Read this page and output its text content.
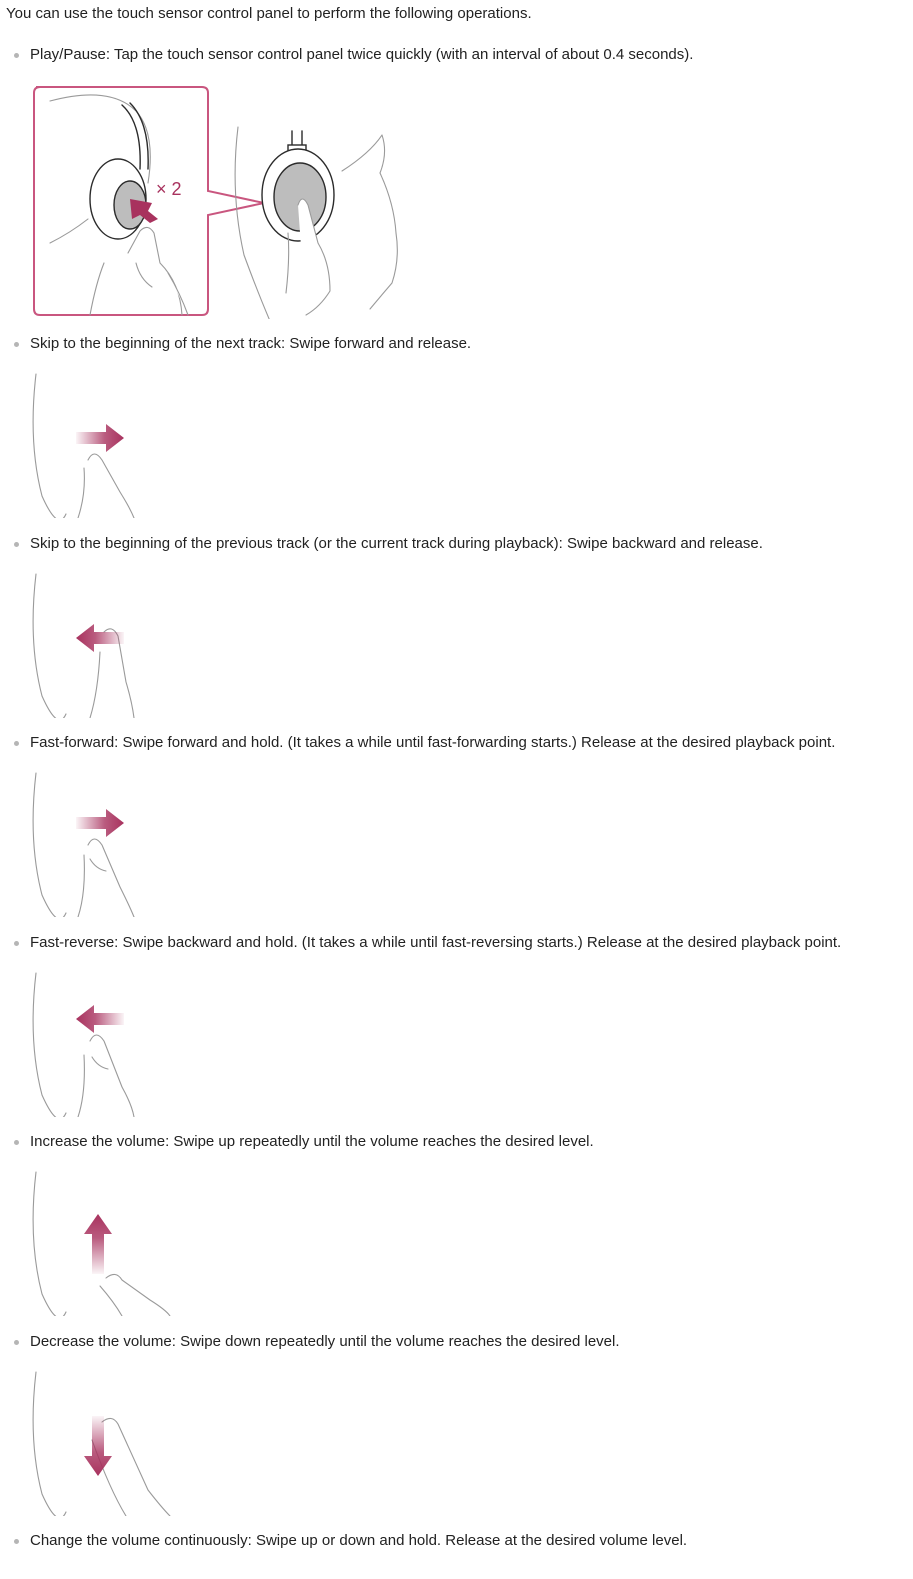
You can use the touch sensor control panel to perform the following operations.

Play/Pause: Tap the touch sensor control panel twice quickly (with an interval of about 0.4 seconds).
× 2
Skip to the beginning of the next track: Swipe forward and release.
Skip to the beginning of the previous track (or the current track during playback): Swipe backward and release.
Fast-forward: Swipe forward and hold. (It takes a while until fast-forwarding starts.) Release at the desired playback point.
Fast-reverse: Swipe backward and hold. (It takes a while until fast-reversing starts.) Release at the desired playback point.
Increase the volume: Swipe up repeatedly until the volume reaches the desired level.
Decrease the volume: Swipe down repeatedly until the volume reaches the desired level.
Change the volume continuously: Swipe up or down and hold. Release at the desired volume level.
